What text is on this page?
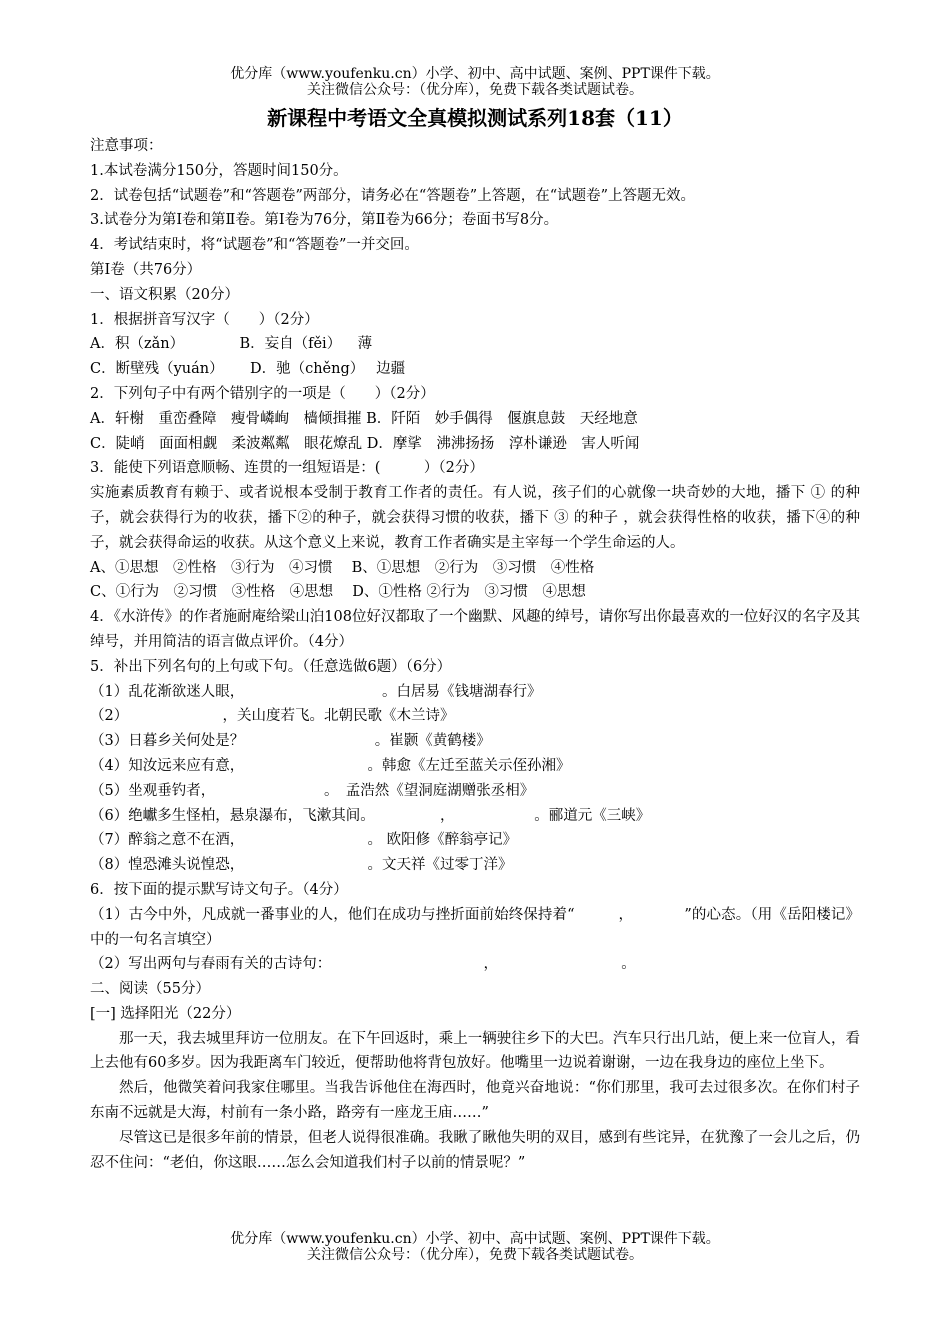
优分库（www.youfenku.cn）小学、初中、高中试题、案例、PPT课件下载。
关注微信公众号：（优分库），免费下载各类试题试卷。
新课程中考语文全真模拟测试系列18套（11）
注意事项：
1.本试卷满分150分，答题时间150分。
2．试卷包括“试题卷”和“答题卷”两部分，请务必在“答题卷”上答题，在“试题卷”上答题无效。
3.试卷分为第Ⅰ卷和第Ⅱ卷。第Ⅰ卷为76分，第Ⅱ卷为66分；卷面书写8分。
4．考试结束时，将“试题卷”和“答题卷”一并交回。
第Ⅰ卷（共76分）
一、语文积累（20分）
1．根据拼音写汉字（　　）（2分）
A．积（zǎn）　　　　 B．妄自（fěi）　  薄
C．断壁残（yuán）　　 D．驰（chěng）　 边疆
2．下列句子中有两个错别字的一项是（　　）（2分）
A．轩榭　重峦叠障　瘦骨嶙峋　樯倾揖摧 B．阡陌　妙手偶得　偃旗息鼓　天经地意
C．陡峭　面面相觑　柔波粼粼　眼花燎乱 D．摩挲　沸沸扬扬　淳朴谦逊　害人听闻
3．能使下列语意顺畅、连贯的一组短语是：(　　　）（2分）
实施素质教育有赖于、或者说根本受制于教育工作者的责任。有人说，孩子们的心就像一块奇妙的大地，播下 ① 的种子，就会获得行为的收获，播下②的种子，就会获得习惯的收获，播下 ③ 的种子 ，就会获得性格的收获，播下④的种子，就会获得命运的收获。从这个意义上来说，教育工作者确实是主宰每一个学生命运的人。
A、①思想　②性格　③行为　④习惯　 B、①思想　②行为　③习惯　④性格
C、①行为　②习惯　③性格　④思想　 D、①性格 ②行为　③习惯　④思想
4．《水浒传》的作者施耐庵给梁山泊108位好汉都取了一个幽默、风趣的绰号，请你写出你最喜欢的一位好汉的名字及其绰号，并用简洁的语言做点评价。（4分）
5．补出下列名句的上句或下句。（任意选做6题）（6分）
（1）乱花渐欲迷人眼，　　　　　　　　　　。白居易《钱塘湖春行》
（2）　　　　　　　，关山度若飞。北朝民歌《木兰诗》
（3）日暮乡关何处是？　　　　　　　　　。崔颢《黄鹤楼》
（4）知汝远来应有意，　　　　　　　　　。韩愈《左迁至蓝关示侄孙湘》
（5）坐观垂钓者，　　　　　　　　。　孟浩然《望洞庭湖赠张丞相》
（6）绝巘多生怪柏，悬泉瀑布，飞漱其间。　　　　　，　　　　　　。郦道元《三峡》
（7）醉翁之意不在酒，　　　　　　　　　。 欧阳修《醉翁亭记》
（8）惶恐滩头说惶恐，　　　　　　　　　。文天祥《过零丁洋》
6．按下面的提示默写诗文句子。（4分）
（1）古今中外，凡成就一番事业的人，他们在成功与挫折面前始终保持着“　　　，　　　　”的心态。（用《岳阳楼记》中的一句名言填空）
（2）写出两句与春雨有关的古诗句：　　　　　　　　　　　，　　　　　　　　　。
二、阅读（55分）
[一] 选择阳光（22分）
那一天，我去城里拜访一位朋友。在下午回返时，乘上一辆驶往乡下的大巴。汽车只行出几站，便上来一位盲人，看上去他有60多岁。因为我距离车门较近，便帮助他将背包放好。他嘴里一边说着谢谢，一边在我身边的座位上坐下。
然后，他微笑着问我家住哪里。当我告诉他住在海西时，他竟兴奋地说：“你们那里，我可去过很多次。在你们村子东南不远就是大海，村前有一条小路，路旁有一座龙王庙……”
尽管这已是很多年前的情景，但老人说得很准确。我瞅了瞅他失明的双目，感到有些诧异，在犹豫了一会儿之后，仍忍不住问：“老伯，你这眼……怎么会知道我们村子以前的情景呢？”
优分库（www.youfenku.cn）小学、初中、高中试题、案例、PPT课件下载。
关注微信公众号：（优分库），免费下载各类试题试卷。
